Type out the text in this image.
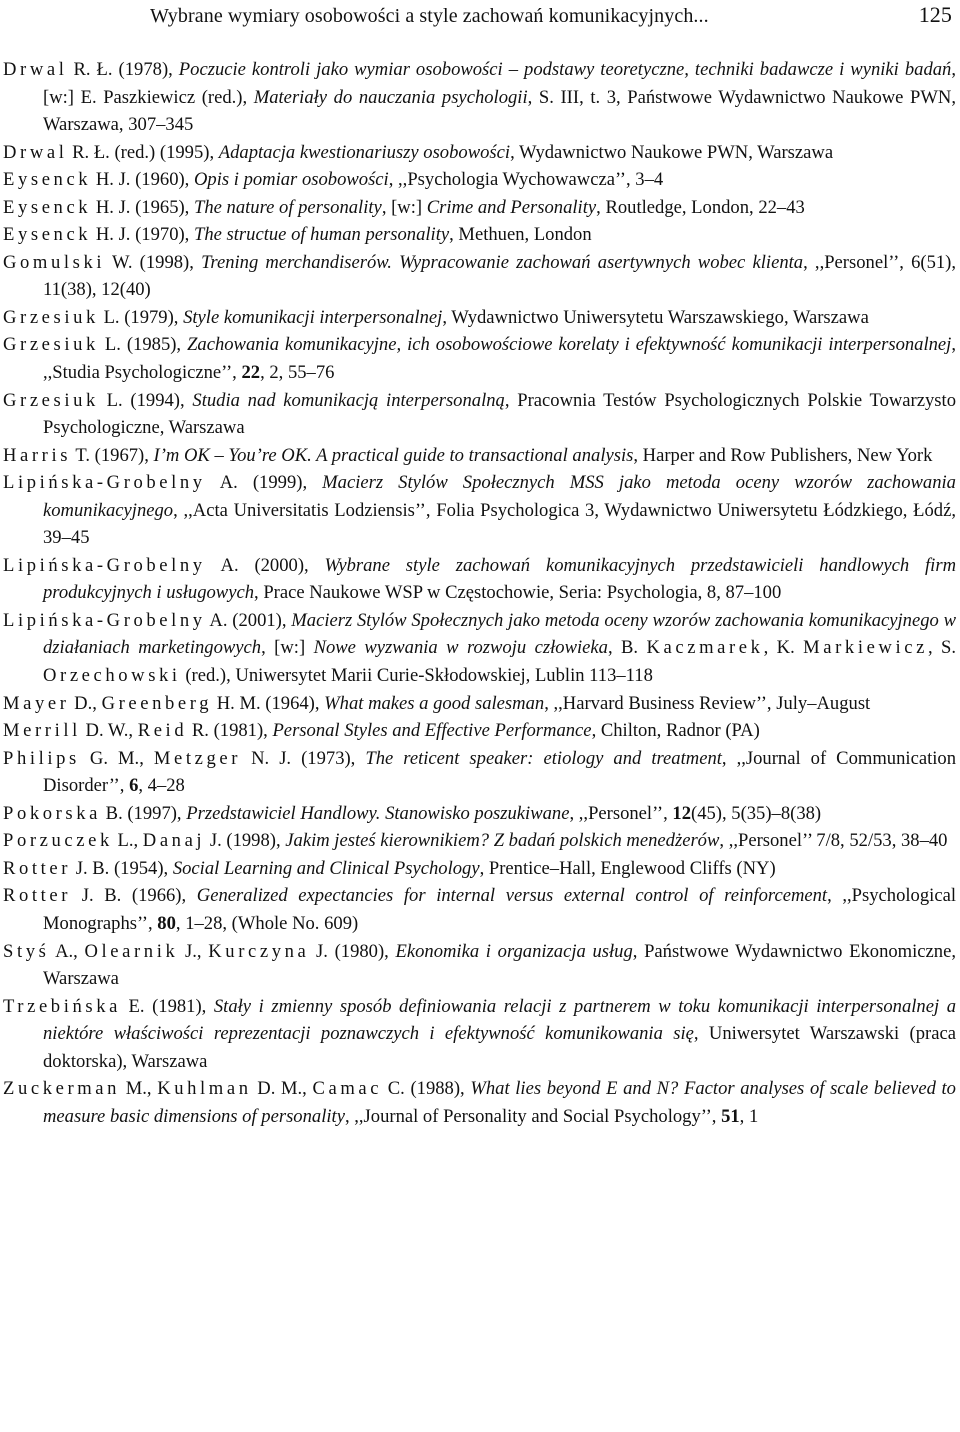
Wybrane wymiary osobowości a style zachowań komunikacyjnych...	125

Drwal R. Ł. (1978), Poczucie kontroli jako wymiar osobowości – podstawy teoretyczne, techniki badawcze i wyniki badań, [w:] E. Paszkiewicz (red.), Materiały do nauczania psychologii, S. III, t. 3, Państwowe Wydawnictwo Naukowe PWN, Warszawa, 307–345

Drwal R. Ł. (red.) (1995), Adaptacja kwestionariuszy osobowości, Wydawnictwo Naukowe PWN, Warszawa

Eysenck H. J. (1960), Opis i pomiar osobowości, ,,Psychologia Wychowawcza’’, 3–4

Eysenck H. J. (1965), The nature of personality, [w:] Crime and Personality, Routledge, London, 22–43

Eysenck H. J. (1970), The structue of human personality, Methuen, London

Gomulski W. (1998), Trening merchandiserów. Wypracowanie zachowań asertywnych wobec klienta, ,,Personel’’, 6(51), 11(38), 12(40)

Grzesiuk L. (1979), Style komunikacji interpersonalnej, Wydawnictwo Uniwersytetu Warszawskiego, Warszawa

Grzesiuk L. (1985), Zachowania komunikacyjne, ich osobowościowe korelaty i efektywność komunikacji interpersonalnej, ,,Studia Psychologiczne’’, 22, 2, 55–76

Grzesiuk L. (1994), Studia nad komunikacją interpersonalną, Pracownia Testów Psychologicznych Polskie Towarzysto Psychologiczne, Warszawa

Harris T. (1967), I’m OK – You’re OK. A practical guide to transactional analysis, Harper and Row Publishers, New York

Lipińska-Grobelny A. (1999), Macierz Stylów Społecznych MSS jako metoda oceny wzorów zachowania komunikacyjnego, ,,Acta Universitatis Lodziensis’’, Folia Psychologica 3, Wydawnictwo Uniwersytetu Łódzkiego, Łódź, 39–45

Lipińska-Grobelny A. (2000), Wybrane style zachowań komunikacyjnych przedstawicieli handlowych firm produkcyjnych i usługowych, Prace Naukowe WSP w Częstochowie, Seria: Psychologia, 8, 87–100

Lipińska-Grobelny A. (2001), Macierz Stylów Społecznych jako metoda oceny wzorów zachowania komunikacyjnego w działaniach marketingowych, [w:] Nowe wyzwania w rozwoju człowieka, B. Kaczmarek, K. Markiewicz, S. Orzechowski (red.), Uniwersytet Marii Curie-Skłodowskiej, Lublin 113–118

Mayer D., Greenberg H. M. (1964), What makes a good salesman, ,,Harvard Business Review’’, July–August

Merrill D. W., Reid R. (1981), Personal Styles and Effective Performance, Chilton, Radnor (PA)

Philips G. M., Metzger N. J. (1973), The reticent speaker: etiology and treatment, ,,Journal of Communication Disorder’’, 6, 4–28

Pokorska B. (1997), Przedstawiciel Handlowy. Stanowisko poszukiwane, ,,Personel’’, 12(45), 5(35)–8(38)

Porzuczek L., Danaj J. (1998), Jakim jesteś kierownikiem? Z badań polskich menedżerów, ,,Personel’’ 7/8, 52/53, 38–40

Rotter J. B. (1954), Social Learning and Clinical Psychology, Prentice–Hall, Englewood Cliffs (NY)

Rotter J. B. (1966), Generalized expectancies for internal versus external control of reinforcement, ,,Psychological Monographs’’, 80, 1–28, (Whole No. 609)

Styś A., Olearnik J., Kurczyna J. (1980), Ekonomika i organizacja usług, Państwowe Wydawnictwo Ekonomiczne, Warszawa

Trzebińska E. (1981), Stały i zmienny sposób definiowania relacji z partnerem w toku komunikacji interpersonalnej a niektóre właściwości reprezentacji poznawczych i efektywność komunikowania się, Uniwersytet Warszawski (praca doktorska), Warszawa

Zuckerman M., Kuhlman D. M., Camac C. (1988), What lies beyond E and N? Factor analyses of scale believed to measure basic dimensions of personality, ,,Journal of Personality and Social Psychology’’, 51, 1
